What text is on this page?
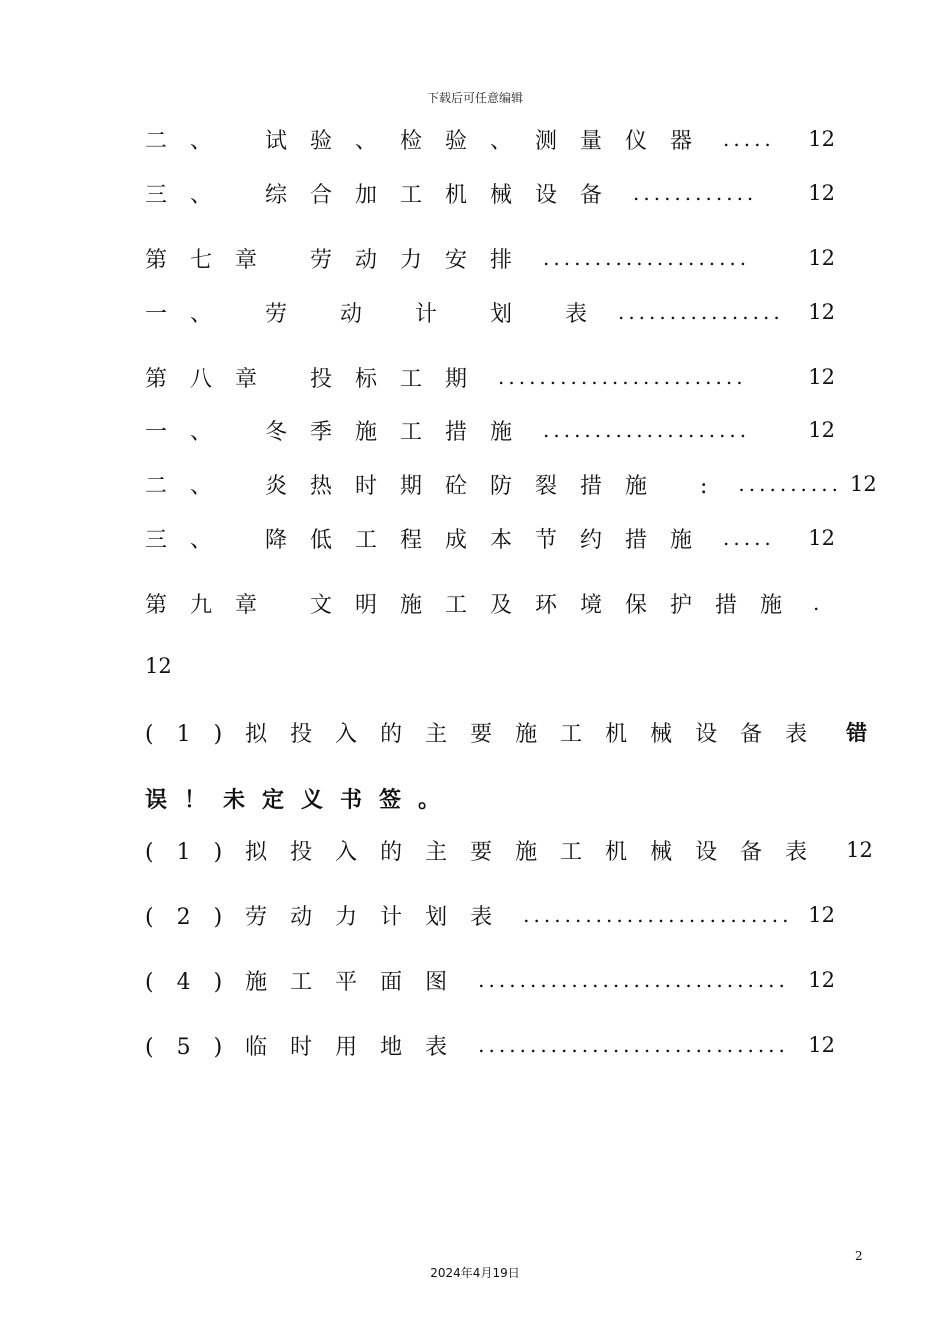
下载后可任意编辑
二、 试验、检验、测量仪器 .....	12
三、 综合加工机械设备 ............	12
第七章 劳动力安排 ....................	12
一、 劳 动 计 划 表 ................	12
第八章 投标工期 ........................	12
一、 冬季施工措施 ....................	12
二、 炎热时期砼防裂措施 : .......... 12
三、 降低工程成本节约措施 .....	12
第九章 文明施工及环境保护措施 .
12
(1)拟投入的主要施工机械设备表 错
误！未定义书签。
(1)拟投入的主要施工机械设备表 12
(2)劳动力计划表 .......................... 12
(4)施工平面图 .............................. 12
(5)临时用地表 .............................. 12
2
2024年4月19日
